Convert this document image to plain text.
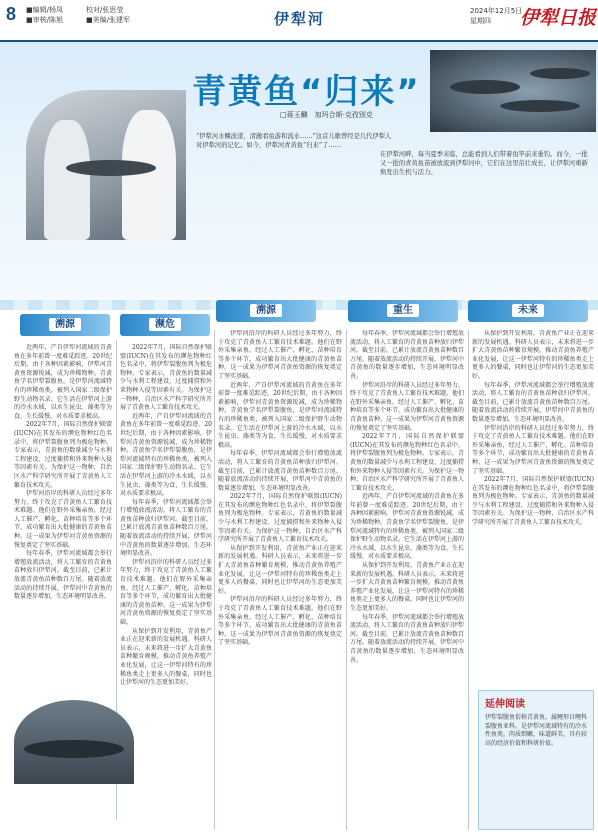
8 ■编辑/杨凤	校对/张思莹
■审核/陈旭	■美编/张建军	伊犁河	2024年12月5日
星期四	伊犁日报
青黄鱼“归来”
□蒋玉麟　加玛合斯·克孜别克
“伊犁河水鳞波漾，清澈看鱼游和流水……”这首儿歌曾经是几代伊犁人对伊犁河的记忆。如今，伊犁河青黄鱼“归来”了……
在伊犁河畔，每当夏季来临，总能看到人们带着鱼竿前来垂钓。而今，一批又一批的青黄鱼苗被放流到伊犁河中，它们在这里茁壮成长，让伊犁河重新焕发出生机与活力。
溯源	濒危
溯源	重生	未来

近两年，产自伊犁河流域的青黄鱼在多年前曾一度难觅踪迹。20世纪后期，由于各种因素影响，伊犁河青黄鱼资源锐减，成为珍稀物种。青黄鱼学名伊犁裂腹鱼，是伊犁河流域特有的珍稀鱼类，被列入国家二级保护野生动物名录。它生活在伊犁河上游的冷水水域，以水生昆虫、藻类等为食，生长缓慢，对水质要求极高。

2022年7月，国际自然保护联盟(IUCN)在其发布的濒危物种红色名录中，将伊犁裂腹鱼列为极危物种。专家表示，青黄鱼的数量减少与水利工程建设、过度捕捞和外来物种入侵等因素有关。为保护这一物种，自治区水产科学研究所开展了青黄鱼人工繁育技术攻关。

伊犁河沿岸的科研人员经过多年努力，终于攻克了青黄鱼人工繁育技术难题。他们在野外采集亲鱼，经过人工催产、孵化、苗种培育等多个环节，成功繁育出大批健康的青黄鱼苗种。这一成果为伊犁河青黄鱼资源的恢复奠定了坚实基础。

每年春季，伊犁河流域都会举行增殖放流活动，将人工繁育的青黄鱼苗种放归伊犁河。截至目前，已累计放流青黄鱼苗种数百万尾。随着放流活动的持续开展，伊犁河中青黄鱼的数量逐步增加，生态环境明显改善。

2022年7月，国际自然保护联盟(IUCN)在其发布的濒危物种红色名录中，将伊犁裂腹鱼列为极危物种。专家表示，青黄鱼的数量减少与水利工程建设、过度捕捞和外来物种入侵等因素有关。为保护这一物种，自治区水产科学研究所开展了青黄鱼人工繁育技术攻关。

近两年，产自伊犁河流域的青黄鱼在多年前曾一度难觅踪迹。20世纪后期，由于各种因素影响，伊犁河青黄鱼资源锐减，成为珍稀物种。青黄鱼学名伊犁裂腹鱼，是伊犁河流域特有的珍稀鱼类，被列入国家二级保护野生动物名录。它生活在伊犁河上游的冷水水域，以水生昆虫、藻类等为食，生长缓慢，对水质要求极高。

每年春季，伊犁河流域都会举行增殖放流活动，将人工繁育的青黄鱼苗种放归伊犁河。截至目前，已累计放流青黄鱼苗种数百万尾。随着放流活动的持续开展，伊犁河中青黄鱼的数量逐步增加，生态环境明显改善。

伊犁河沿岸的科研人员经过多年努力，终于攻克了青黄鱼人工繁育技术难题。他们在野外采集亲鱼，经过人工催产、孵化、苗种培育等多个环节，成功繁育出大批健康的青黄鱼苗种。这一成果为伊犁河青黄鱼资源的恢复奠定了坚实基础。

从保护到开发利用，青黄鱼产业正在迎来新的发展机遇。科研人员表示，未来将进一步扩大青黄鱼苗种繁育规模，推动青黄鱼养殖产业化发展，让这一伊犁河特有的珍稀鱼类走上更多人的餐桌，同时也让伊犁河的生态更加美好。

伊犁河沿岸的科研人员经过多年努力，终于攻克了青黄鱼人工繁育技术难题。他们在野外采集亲鱼，经过人工催产、孵化、苗种培育等多个环节，成功繁育出大批健康的青黄鱼苗种。这一成果为伊犁河青黄鱼资源的恢复奠定了坚实基础。

近两年，产自伊犁河流域的青黄鱼在多年前曾一度难觅踪迹。20世纪后期，由于各种因素影响，伊犁河青黄鱼资源锐减，成为珍稀物种。青黄鱼学名伊犁裂腹鱼，是伊犁河流域特有的珍稀鱼类，被列入国家二级保护野生动物名录。它生活在伊犁河上游的冷水水域，以水生昆虫、藻类等为食，生长缓慢，对水质要求极高。

每年春季，伊犁河流域都会举行增殖放流活动，将人工繁育的青黄鱼苗种放归伊犁河。截至目前，已累计放流青黄鱼苗种数百万尾。随着放流活动的持续开展，伊犁河中青黄鱼的数量逐步增加，生态环境明显改善。

2022年7月，国际自然保护联盟(IUCN)在其发布的濒危物种红色名录中，将伊犁裂腹鱼列为极危物种。专家表示，青黄鱼的数量减少与水利工程建设、过度捕捞和外来物种入侵等因素有关。为保护这一物种，自治区水产科学研究所开展了青黄鱼人工繁育技术攻关。

从保护到开发利用，青黄鱼产业正在迎来新的发展机遇。科研人员表示，未来将进一步扩大青黄鱼苗种繁育规模，推动青黄鱼养殖产业化发展，让这一伊犁河特有的珍稀鱼类走上更多人的餐桌，同时也让伊犁河的生态更加美好。

伊犁河沿岸的科研人员经过多年努力，终于攻克了青黄鱼人工繁育技术难题。他们在野外采集亲鱼，经过人工催产、孵化、苗种培育等多个环节，成功繁育出大批健康的青黄鱼苗种。这一成果为伊犁河青黄鱼资源的恢复奠定了坚实基础。

每年春季，伊犁河流域都会举行增殖放流活动，将人工繁育的青黄鱼苗种放归伊犁河。截至目前，已累计放流青黄鱼苗种数百万尾。随着放流活动的持续开展，伊犁河中青黄鱼的数量逐步增加，生态环境明显改善。

伊犁河沿岸的科研人员经过多年努力，终于攻克了青黄鱼人工繁育技术难题。他们在野外采集亲鱼，经过人工催产、孵化、苗种培育等多个环节，成功繁育出大批健康的青黄鱼苗种。这一成果为伊犁河青黄鱼资源的恢复奠定了坚实基础。

2022年7月，国际自然保护联盟(IUCN)在其发布的濒危物种红色名录中，将伊犁裂腹鱼列为极危物种。专家表示，青黄鱼的数量减少与水利工程建设、过度捕捞和外来物种入侵等因素有关。为保护这一物种，自治区水产科学研究所开展了青黄鱼人工繁育技术攻关。

近两年，产自伊犁河流域的青黄鱼在多年前曾一度难觅踪迹。20世纪后期，由于各种因素影响，伊犁河青黄鱼资源锐减，成为珍稀物种。青黄鱼学名伊犁裂腹鱼，是伊犁河流域特有的珍稀鱼类，被列入国家二级保护野生动物名录。它生活在伊犁河上游的冷水水域，以水生昆虫、藻类等为食，生长缓慢，对水质要求极高。

从保护到开发利用，青黄鱼产业正在迎来新的发展机遇。科研人员表示，未来将进一步扩大青黄鱼苗种繁育规模，推动青黄鱼养殖产业化发展，让这一伊犁河特有的珍稀鱼类走上更多人的餐桌，同时也让伊犁河的生态更加美好。

每年春季，伊犁河流域都会举行增殖放流活动，将人工繁育的青黄鱼苗种放归伊犁河。截至目前，已累计放流青黄鱼苗种数百万尾。随着放流活动的持续开展，伊犁河中青黄鱼的数量逐步增加，生态环境明显改善。

从保护到开发利用，青黄鱼产业正在迎来新的发展机遇。科研人员表示，未来将进一步扩大青黄鱼苗种繁育规模，推动青黄鱼养殖产业化发展，让这一伊犁河特有的珍稀鱼类走上更多人的餐桌，同时也让伊犁河的生态更加美好。

每年春季，伊犁河流域都会举行增殖放流活动，将人工繁育的青黄鱼苗种放归伊犁河。截至目前，已累计放流青黄鱼苗种数百万尾。随着放流活动的持续开展，伊犁河中青黄鱼的数量逐步增加，生态环境明显改善。

伊犁河沿岸的科研人员经过多年努力，终于攻克了青黄鱼人工繁育技术难题。他们在野外采集亲鱼，经过人工催产、孵化、苗种培育等多个环节，成功繁育出大批健康的青黄鱼苗种。这一成果为伊犁河青黄鱼资源的恢复奠定了坚实基础。

2022年7月，国际自然保护联盟(IUCN)在其发布的濒危物种红色名录中，将伊犁裂腹鱼列为极危物种。专家表示，青黄鱼的数量减少与水利工程建设、过度捕捞和外来物种入侵等因素有关。为保护这一物种，自治区水产科学研究所开展了青黄鱼人工繁育技术攻关。

延伸阅读

伊犁裂腹鱼俗称青黄鱼，属鲤形目鲤科裂腹鱼亚科，是伊犁河流域特有的冷水性鱼类，肉质细嫩，味道鲜美，具有较高的经济价值和科研价值。
